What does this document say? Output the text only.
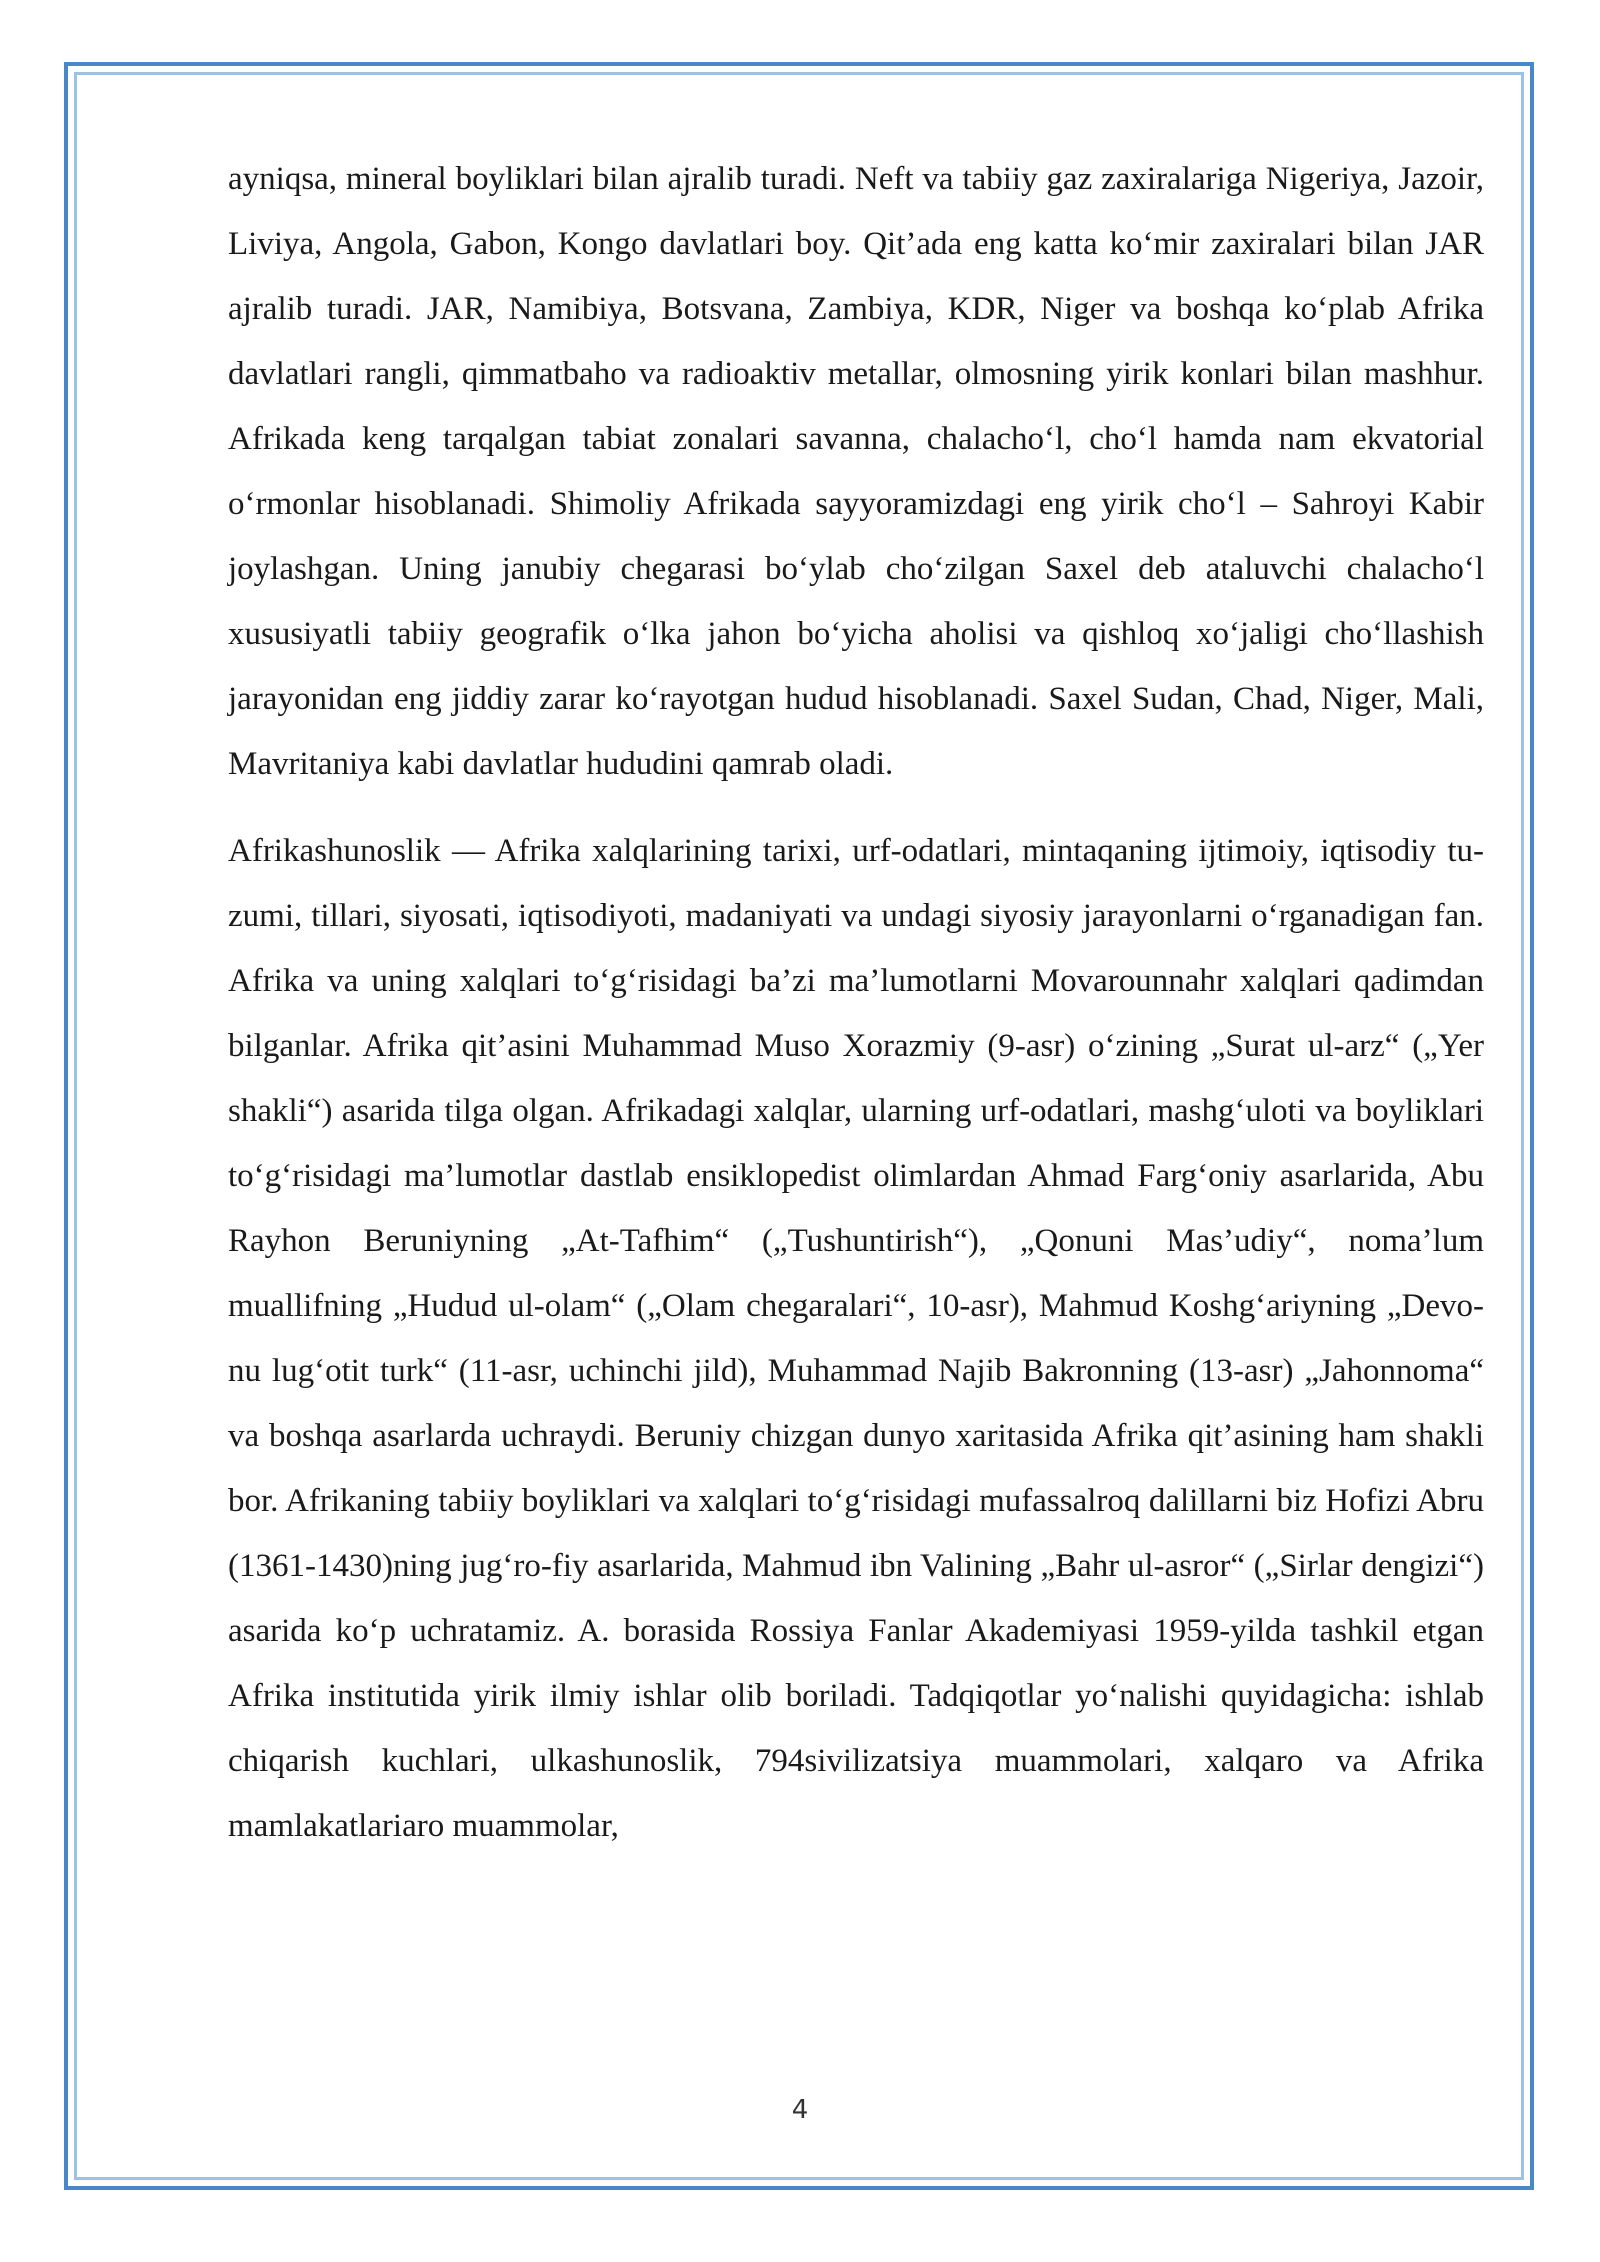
ayniqsa, mineral boyliklari bilan ajralib turadi. Neft va tabiiy gaz zaxiralariga Nigeriya, Jazoir, Liviya, Angola, Gabon, Kongo davlatlari boy. Qit’ada eng katta ko‘mir zaxiralari bilan JAR ajralib turadi. JAR, Namibiya, Botsvana, Zambiya, KDR, Niger va boshqa ko‘plab Afrika davlatlari rangli, qimmatbaho va radioaktiv metallar, olmosning yirik konlari bilan mashhur. Afrikada keng tarqalgan tabiat zonalari savanna, chalacho‘l, cho‘l hamda nam ekvatorial o‘rmonlar hisoblanadi. Shimoliy Afrikada sayyoramizdagi eng yirik cho‘l – Sahroyi Kabir joylashgan. Uning janubiy chegarasi bo‘ylab cho‘zilgan Saxel deb ataluvchi chalacho‘l xususiyatli tabiiy geografik o‘lka jahon bo‘yicha aholisi va qishloq xo‘jaligi cho‘llashish jarayonidan eng jiddiy zarar ko‘rayotgan hudud hisoblanadi. Saxel Sudan, Chad, Niger, Mali, Mavritaniya kabi davlatlar hududini qamrab oladi.

Afrikashunoslik — Afrika xalqlarining tarixi, urf-odatlari, mintaqaning ijtimoiy, iqtisodiy tu-zumi, tillari, siyosati, iqtisodiyoti, madaniyati va undagi siyosiy jarayonlarni o‘rganadigan fan. Afrika va uning xalqlari to‘g‘risidagi ba’zi ma’lumotlarni Movarounnahr xalqlari qadimdan bilganlar. Afrika qit’asini Muhammad Muso Xorazmiy (9-asr) o‘zining „Surat ul-arz“ („Yer shakli“) asarida tilga olgan. Afrikadagi xalqlar, ularning urf-odatlari, mashg‘uloti va boyliklari to‘g‘risidagi ma’lumotlar dastlab ensiklopedist olimlardan Ahmad Farg‘oniy asarlarida, Abu Rayhon Beruniyning „At-Tafhim“ („Tushuntirish“), „Qonuni Mas’udiy“, noma’lum muallifning „Hudud ul-olam“ („Olam chegaralari“, 10-asr), Mahmud Koshg‘ariyning „Devo-nu lug‘otit turk“ (11-asr, uchinchi jild), Muhammad Najib Bakronning (13-asr) „Jahonnoma“ va boshqa asarlarda uchraydi. Beruniy chizgan dunyo xaritasida Afrika qit’asining ham shakli bor. Afrikaning tabiiy boyliklari va xalqlari to‘g‘risidagi mufassalroq dalillarni biz Hofizi Abru (1361-1430)ning jug‘ro-fiy asarlarida, Mahmud ibn Valining „Bahr ul-asror“ („Sirlar dengizi“) asarida ko‘p uchratamiz. A. borasida Rossiya Fanlar Akademiyasi 1959-yilda tashkil etgan Afrika institutida yirik ilmiy ishlar olib boriladi. Tadqiqotlar yo‘nalishi quyidagicha: ishlab chiqarish kuchlari, ulkashunoslik, 794sivilizatsiya muammolari, xalqaro va Afrika mamlakatlariaro muammolar,

4
